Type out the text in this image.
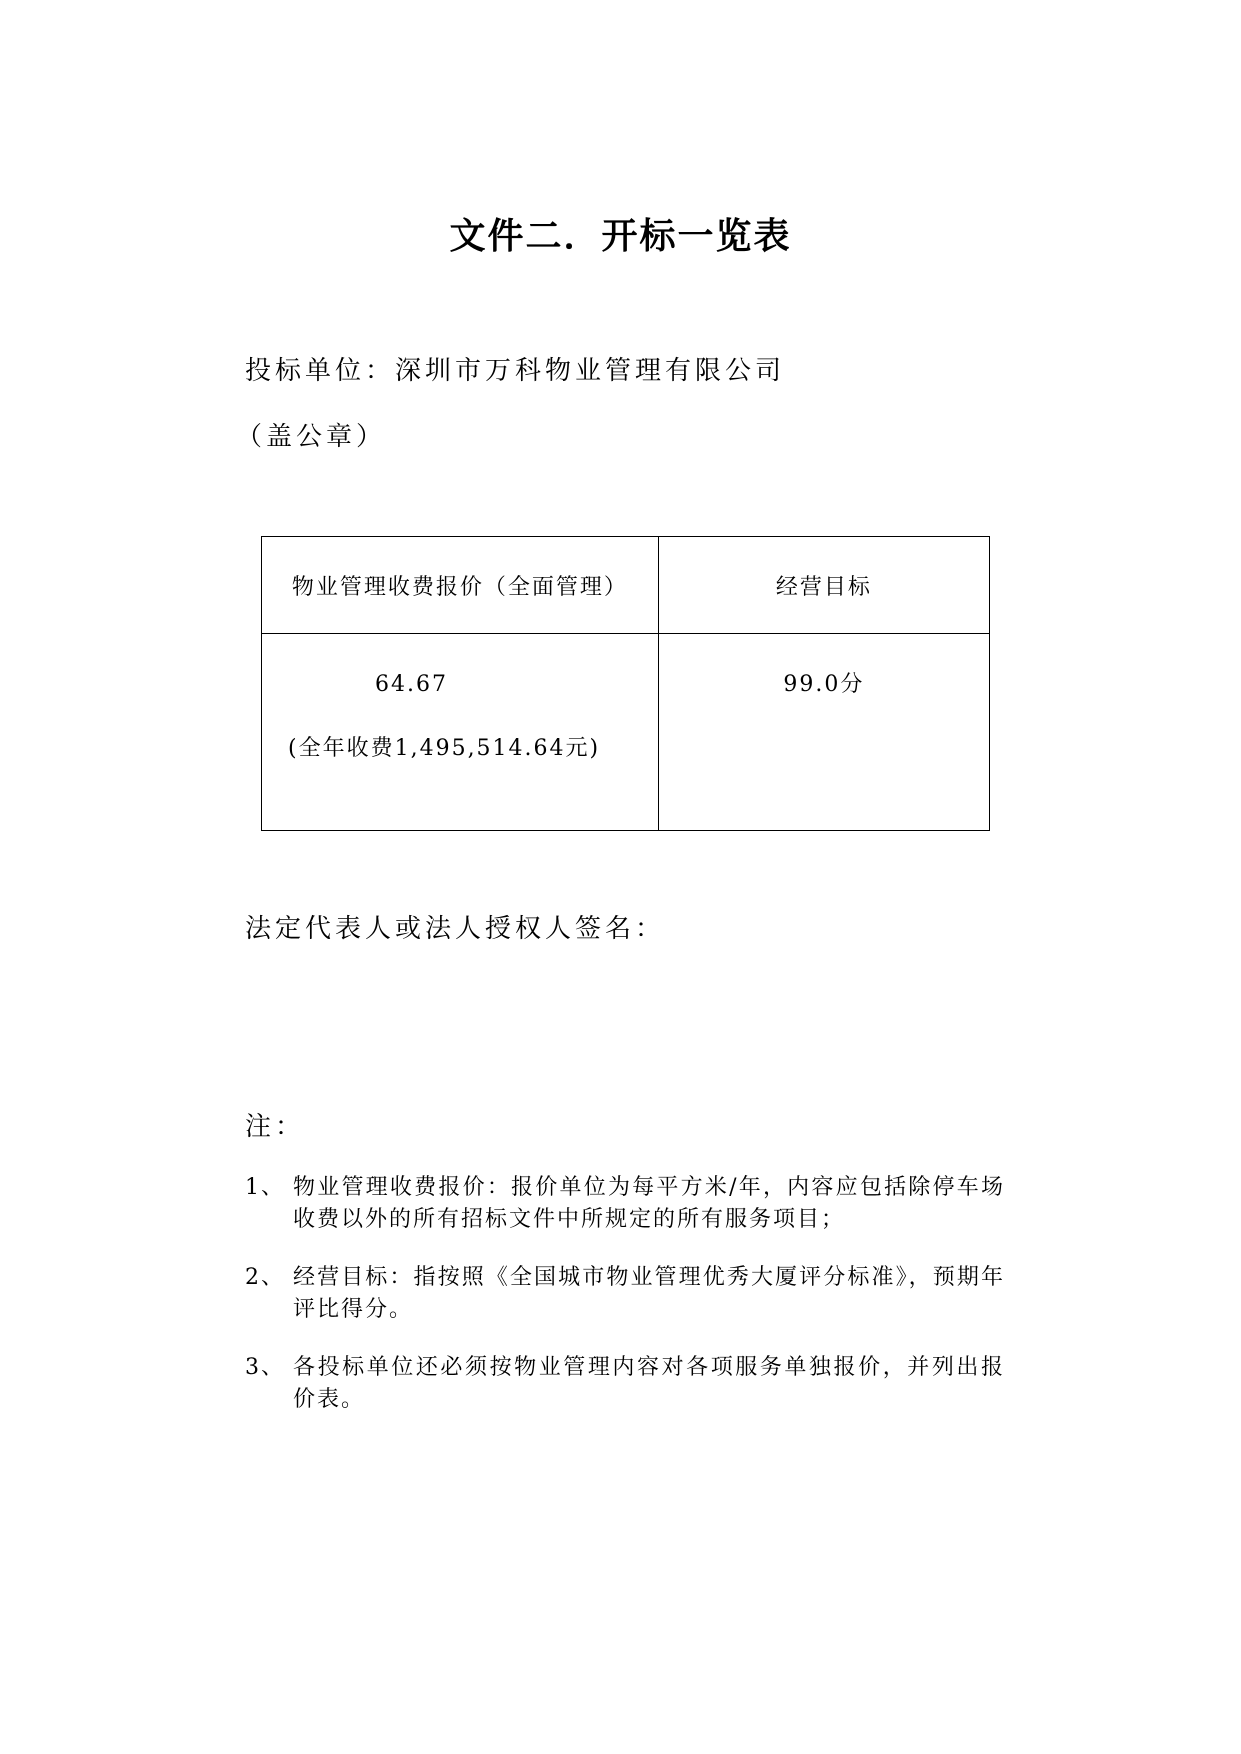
文件二．开标一览表
投标单位：深圳市万科物业管理有限公司
（盖公章）
物业管理收费报价（全面管理）	经营目标

64.67
(全年收费1,495,514.64元)	99.0分
法定代表人或法人授权人签名：
注：
1、 物业管理收费报价：报价单位为每平方米/年，内容应包括除停车场收费以外的所有招标文件中所规定的所有服务项目；
2、 经营目标：指按照《全国城市物业管理优秀大厦评分标准》，预期年评比得分。
3、 各投标单位还必须按物业管理内容对各项服务单独报价，并列出报价表。
